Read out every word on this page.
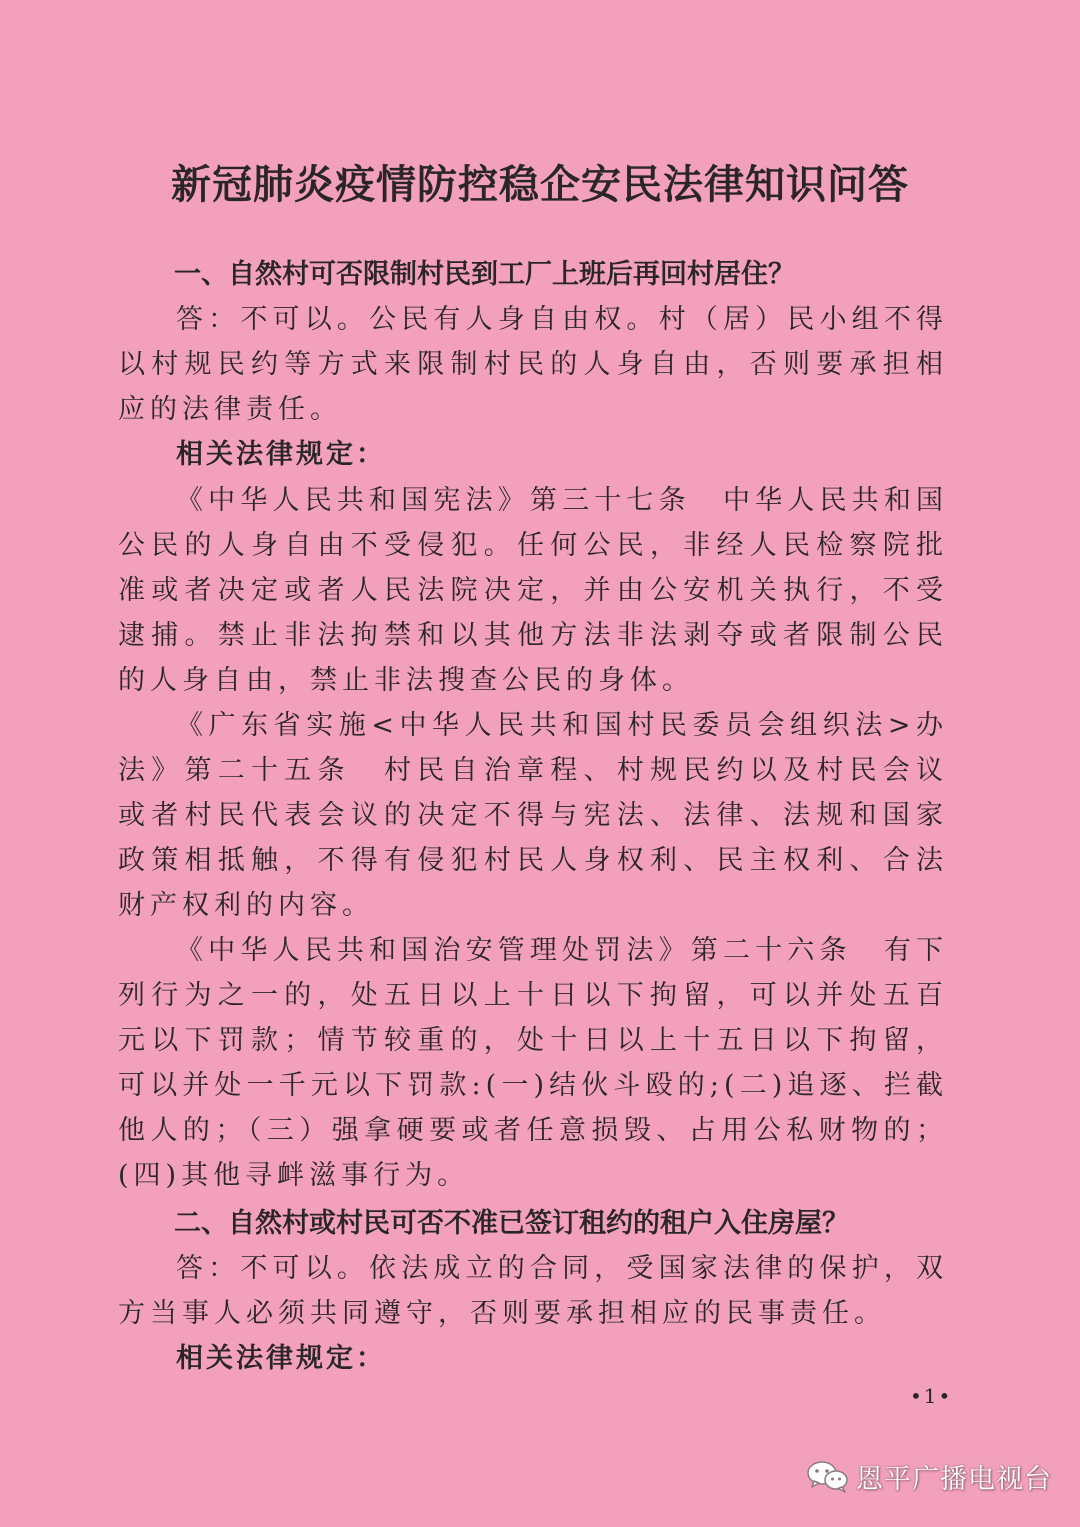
新冠肺炎疫情防控稳企安民法律知识问答

一、自然村可否限制村民到工厂上班后再回村居住？

答：不可以。公民有人身自由权。村（居）民小组不得以村规民约等方式来限制村民的人身自由，否则要承担相应的法律责任。

相关法律规定：

《中华人民共和国宪法》第三十七条　中华人民共和国公民的人身自由不受侵犯。任何公民，非经人民检察院批准或者决定或者人民法院决定，并由公安机关执行，不受逮捕。禁止非法拘禁和以其他方法非法剥夺或者限制公民的人身自由，禁止非法搜查公民的身体。

《广东省实施<中华人民共和国村民委员会组织法>办法》第二十五条　村民自治章程、村规民约以及村民会议或者村民代表会议的决定不得与宪法、法律、法规和国家政策相抵触，不得有侵犯村民人身权利、民主权利、合法财产权利的内容。

《中华人民共和国治安管理处罚法》第二十六条　有下列行为之一的，处五日以上十日以下拘留，可以并处五百元以下罚款；情节较重的，处十日以上十五日以下拘留，可以并处一千元以下罚款:(一)结伙斗殴的;(二)追逐、拦截他人的；（三）强拿硬要或者任意损毁、占用公私财物的；(四)其他寻衅滋事行为。

二、自然村或村民可否不准已签订租约的租户入住房屋？

答：不可以。依法成立的合同，受国家法律的保护，双方当事人必须共同遵守，否则要承担相应的民事责任。

相关法律规定：

•1•
恩平广播电视台
